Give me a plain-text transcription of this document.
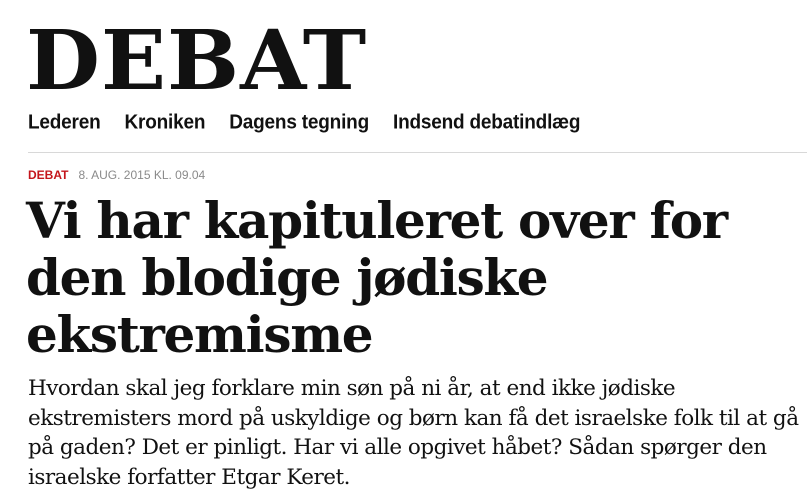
DEBAT
Lederen Kroniken Dagens tegning Indsend debatindlæg
DEBAT 8. AUG. 2015 KL. 09.04
Vi har kapituleret over for den blodige jødiske ekstremisme

Hvordan skal jeg forklare min søn på ni år, at end ikke jødiske ekstremisters mord på uskyldige og børn kan få det israelske folk til at gå på gaden? Det er pinligt. Har vi alle opgivet håbet? Sådan spørger den israelske forfatter Etgar Keret.
